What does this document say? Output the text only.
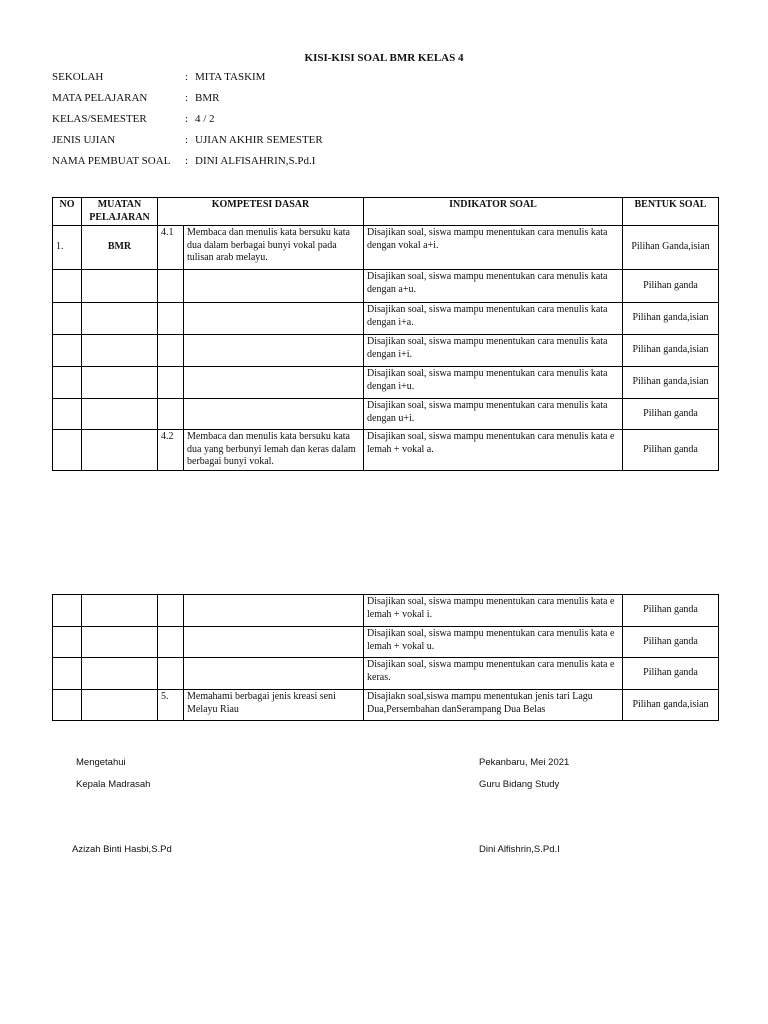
KISI-KISI SOAL BMR KELAS 4
SEKOLAH	: MITA TASKIM
MATA PELAJARAN	: BMR
KELAS/SEMESTER	: 4 / 2
JENIS UJIAN	: UJIAN AKHIR SEMESTER
NAMA PEMBUAT SOAL	: DINI ALFISAHRIN,S.Pd.I
NO	MUATAN PELAJARAN	KOMPETESI DASAR		INDIKATOR SOAL	BENTUK SOAL
1.	BMR	4.1	Membaca dan menulis kata bersuku kata dua dalam berbagai bunyi vokal pada tulisan arab melayu.	Disajikan soal, siswa mampu menentukan cara menulis kata dengan vokal a+i.	Pilihan Ganda,isian
				Disajikan soal, siswa mampu menentukan cara menulis kata dengan a+u.	Pilihan ganda
				Disajikan soal, siswa mampu menentukan cara menulis kata dengan i+a.	Pilihan ganda,isian
				Disajikan soal, siswa mampu menentukan cara menulis kata dengan i+i.	Pilihan ganda,isian
				Disajikan soal, siswa mampu menentukan cara menulis kata dengan i+u.	Pilihan ganda,isian
				Disajikan soal, siswa mampu menentukan cara menulis kata dengan u+i.	Pilihan ganda
		4.2	Membaca dan menulis kata bersuku kata dua yang berbunyi lemah dan keras dalam berbagai bunyi vokal.	Disajikan soal, siswa mampu menentukan cara menulis kata e lemah + vokal a.	Pilihan ganda
				Disajikan soal, siswa mampu menentukan cara menulis kata e lemah + vokal i.	Pilihan ganda
				Disajikan soal, siswa mampu menentukan cara menulis kata e lemah + vokal u.	Pilihan ganda
				Disajikan soal, siswa mampu menentukan cara menulis kata e keras.	Pilihan ganda
		5.	Memahami berbagai jenis kreasi seni Melayu Riau	Disajiakn soal,siswa mampu menentukan jenis tari Lagu Dua,Persembahan danSerampang Dua Belas	Pilihan ganda,isian
Mengetahui
Kepala Madrasah
Azizah Binti Hasbi,S.Pd
Pekanbaru, Mei 2021
Guru Bidang Study
Dini Alfishrin,S.Pd.I
